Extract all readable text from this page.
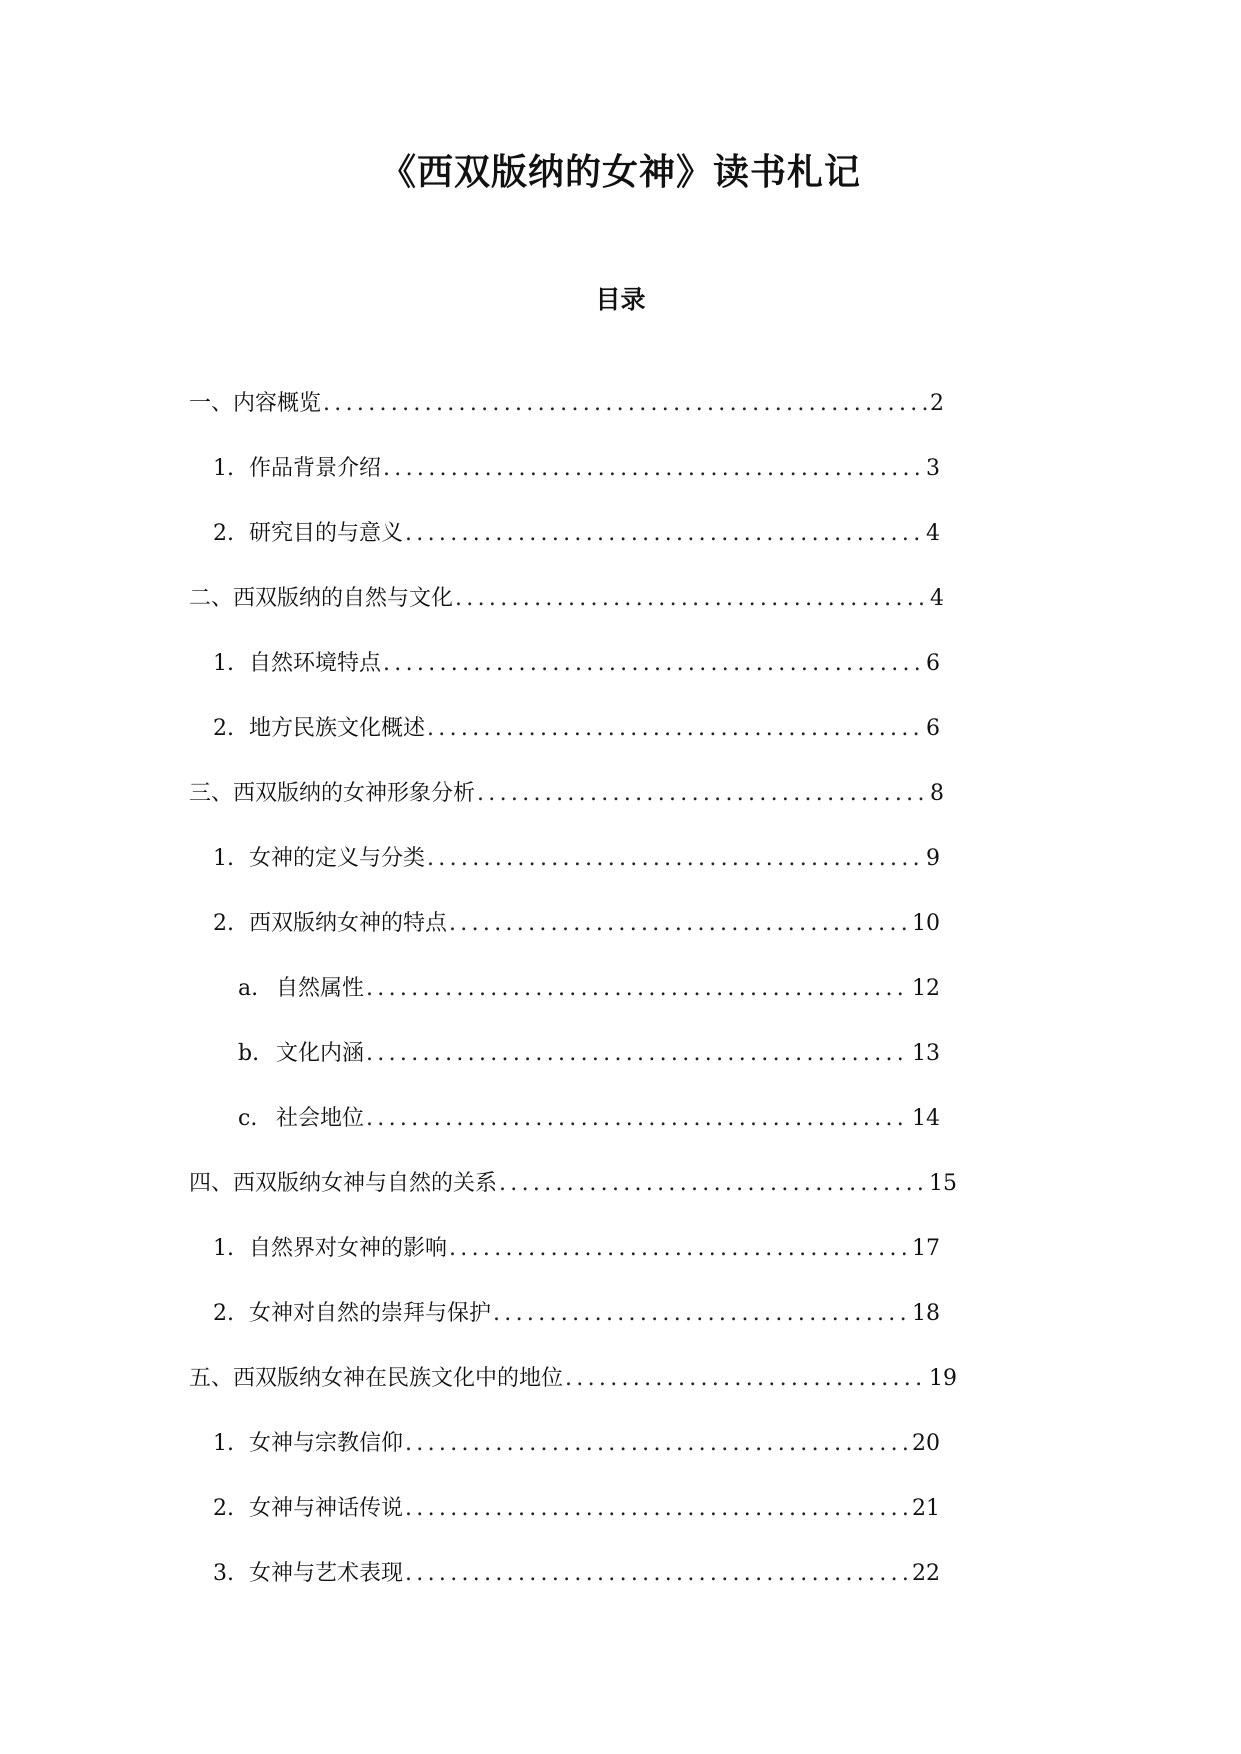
《西双版纳的女神》读书札记
目录
一、内容概览 .....	2
1. 作品背景介绍 .....	3
2. 研究目的与意义 .....	4
二、西双版纳的自然与文化 .....	4
1. 自然环境特点 .....	6
2. 地方民族文化概述 .....	6
三、西双版纳的女神形象分析 .....	8
1. 女神的定义与分类 .....	9
2. 西双版纳女神的特点 .....	10
a. 自然属性 .....	12
b. 文化内涵 .....	13
c. 社会地位 .....	14
四、西双版纳女神与自然的关系 .....	15
1. 自然界对女神的影响 .....	17
2. 女神对自然的崇拜与保护 .....	18
五、西双版纳女神在民族文化中的地位 .....	19
1. 女神与宗教信仰 .....	20
2. 女神与神话传说 .....	21
3. 女神与艺术表现 .....	22
